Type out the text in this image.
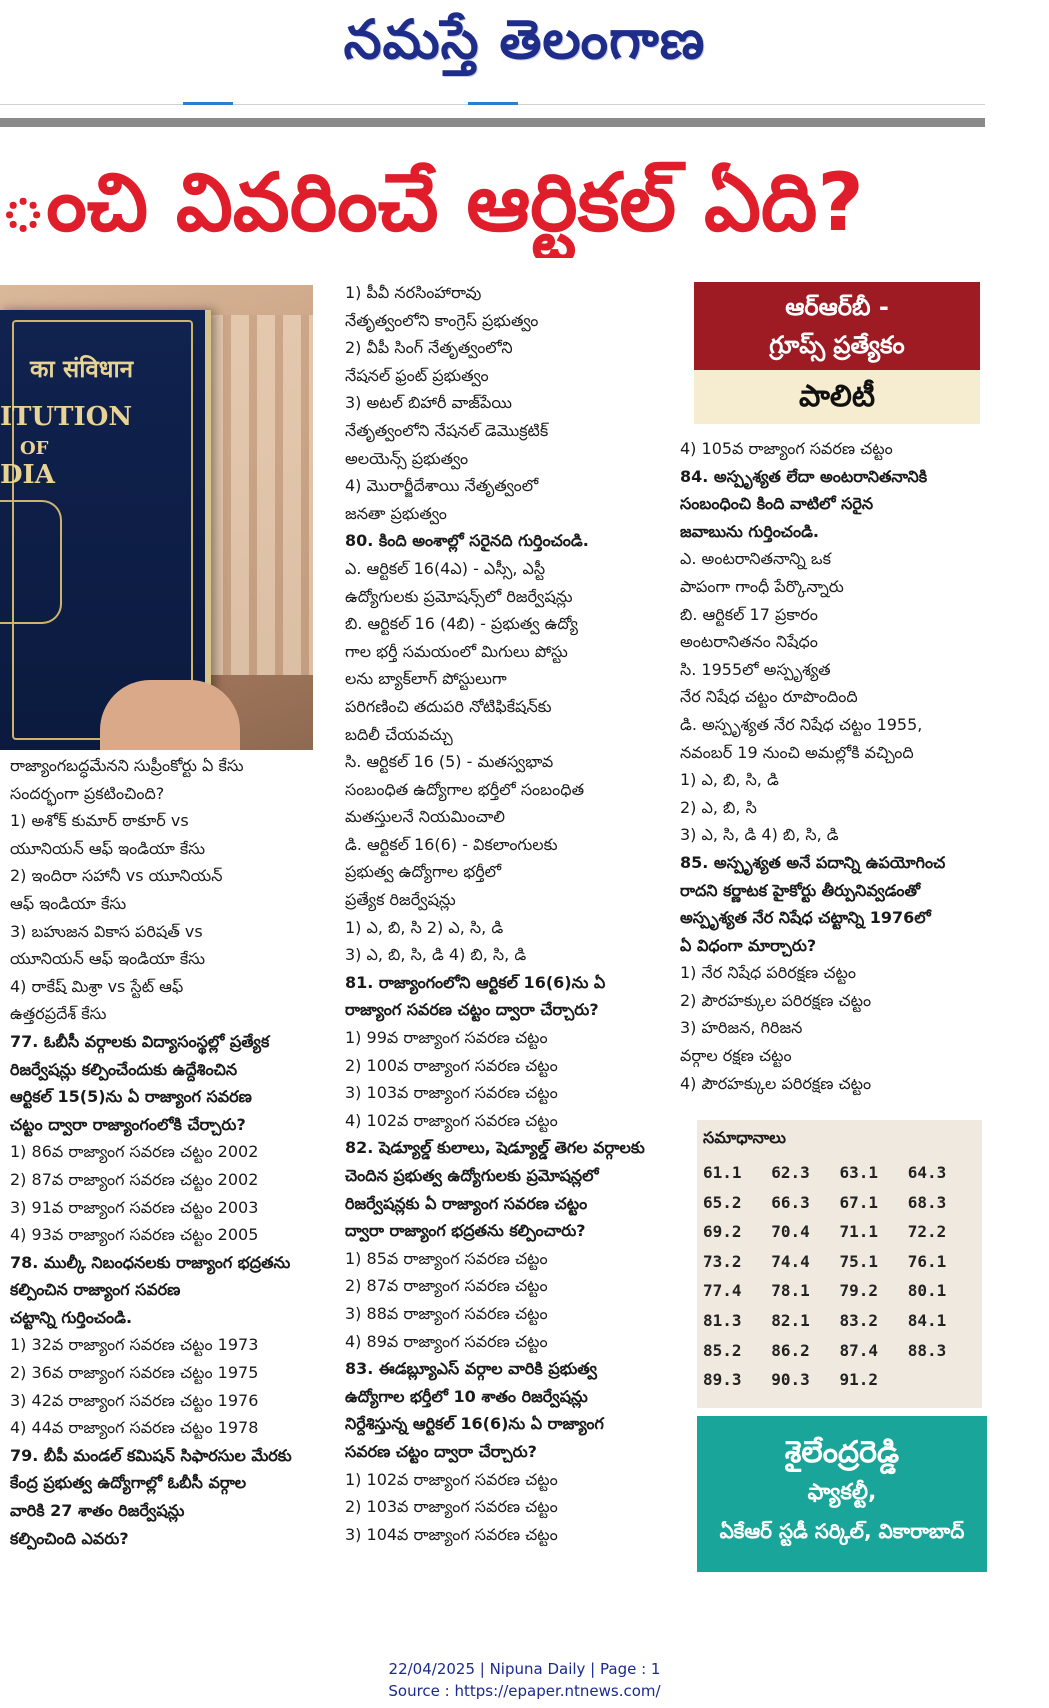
నమస్తే తెలంగాణ
ంచి వివరించే ఆర్టికల్ ఏది?
का संविधान
ITUTION
OF
DIA
రాజ్యాంగబద్ధమేనని సుప్రీంకోర్టు ఏ కేసు
సందర్భంగా ప్రకటించింది?
1) అశోక్ కుమార్ ఠాకూర్ vs
యూనియన్ ఆఫ్ ఇండియా కేసు
2) ఇందిరా సహానీ vs యూనియన్
ఆఫ్ ఇండియా కేసు
3) బహుజన వికాస పరిషత్ vs
యూనియన్ ఆఫ్ ఇండియా కేసు
4) రాకేష్ మిశ్రా vs స్టేట్ ఆఫ్
ఉత్తరప్రదేశ్ కేసు
77. ఓబీసీ వర్గాలకు విద్యాసంస్థల్లో ప్రత్యేక
రిజర్వేషన్లు కల్పించేందుకు ఉద్దేశించిన
ఆర్టికల్ 15(5)ను ఏ రాజ్యాంగ సవరణ
చట్టం ద్వారా రాజ్యాంగంలోకి చేర్చారు?
1) 86వ రాజ్యాంగ సవరణ చట్టం 2002
2) 87వ రాజ్యాంగ సవరణ చట్టం 2002
3) 91వ రాజ్యాంగ సవరణ చట్టం 2003
4) 93వ రాజ్యాంగ సవరణ చట్టం 2005
78. ముల్కీ నిబంధనలకు రాజ్యాంగ భద్రతను
కల్పించిన రాజ్యాంగ సవరణ
చట్టాన్ని గుర్తించండి.
1) 32వ రాజ్యాంగ సవరణ చట్టం 1973
2) 36వ రాజ్యాంగ సవరణ చట్టం 1975
3) 42వ రాజ్యాంగ సవరణ చట్టం 1976
4) 44వ రాజ్యాంగ సవరణ చట్టం 1978
79. బీపీ మండల్ కమిషన్ సిఫారసుల మేరకు
కేంద్ర ప్రభుత్వ ఉద్యోగాల్లో ఓబీసీ వర్గాల
వారికి 27 శాతం రిజర్వేషన్లు
కల్పించింది ఎవరు?
1) పీవీ నరసింహారావు
నేతృత్వంలోని కాంగ్రెస్ ప్రభుత్వం
2) వీపీ సింగ్ నేతృత్వంలోని
నేషనల్ ఫ్రంట్ ప్రభుత్వం
3) అటల్ బిహారీ వాజ్‌పేయి
నేతృత్వంలోని నేషనల్ డెమొక్రటిక్
అలయెన్స్ ప్రభుత్వం
4) మొరార్జీదేశాయి నేతృత్వంలో
జనతా ప్రభుత్వం
80. కింది అంశాల్లో సరైనది గుర్తించండి.
ఎ. ఆర్టికల్ 16(4ఎ) - ఎస్సీ, ఎస్టీ
ఉద్యోగులకు ప్రమోషన్స్‌లో రిజర్వేషన్లు
బి. ఆర్టికల్ 16 (4బి) - ప్రభుత్వ ఉద్యో
గాల భర్తీ సమయంలో మిగులు పోస్టు
లను బ్యాక్‌లాగ్ పోస్టులుగా
పరిగణించి తదుపరి నోటిఫికేషన్‌కు
బదిలీ చేయవచ్చు
సి. ఆర్టికల్ 16 (5) - మతస్వభావ
సంబంధిత ఉద్యోగాల భర్తీలో సంబంధిత
మతస్తులనే నియమించాలి
డి. ఆర్టికల్ 16(6) - వికలాంగులకు
ప్రభుత్వ ఉద్యోగాల భర్తీలో
ప్రత్యేక రిజర్వేషన్లు
1) ఎ, బి, సి 2) ఎ, సి, డి
3) ఎ, బి, సి, డి 4) బి, సి, డి
81. రాజ్యాంగంలోని ఆర్టికల్ 16(6)ను ఏ
రాజ్యాంగ సవరణ చట్టం ద్వారా చేర్చారు?
1) 99వ రాజ్యాంగ సవరణ చట్టం
2) 100వ రాజ్యాంగ సవరణ చట్టం
3) 103వ రాజ్యాంగ సవరణ చట్టం
4) 102వ రాజ్యాంగ సవరణ చట్టం
82. షెడ్యూల్డ్ కులాలు, షెడ్యూల్డ్ తెగల వర్గాలకు
చెందిన ప్రభుత్వ ఉద్యోగులకు ప్రమోషన్లలో
రిజర్వేషన్లకు ఏ రాజ్యాంగ సవరణ చట్టం
ద్వారా రాజ్యాంగ భద్రతను కల్పించారు?
1) 85వ రాజ్యాంగ సవరణ చట్టం
2) 87వ రాజ్యాంగ సవరణ చట్టం
3) 88వ రాజ్యాంగ సవరణ చట్టం
4) 89వ రాజ్యాంగ సవరణ చట్టం
83. ఈడబ్ల్యూఎస్ వర్గాల వారికి ప్రభుత్వ
ఉద్యోగాల భర్తీలో 10 శాతం రిజర్వేషన్లు
నిర్దేశిస్తున్న ఆర్టికల్ 16(6)ను ఏ రాజ్యాంగ
సవరణ చట్టం ద్వారా చేర్చారు?
1) 102వ రాజ్యాంగ సవరణ చట్టం
2) 103వ రాజ్యాంగ సవరణ చట్టం
3) 104వ రాజ్యాంగ సవరణ చట్టం
ఆర్ఆర్‌బీ -
గ్రూప్స్ ప్రత్యేకం
పాలిటీ
4) 105వ రాజ్యాంగ సవరణ చట్టం
84. అస్పృశ్యత లేదా అంటరానితనానికి
సంబంధించి కింది వాటిలో సరైన
జవాబును గుర్తించండి.
ఎ. అంటరానితనాన్ని ఒక
పాపంగా గాంధీ పేర్కొన్నారు
బి. ఆర్టికల్ 17 ప్రకారం
అంటరానితనం నిషేధం
సి. 1955లో అస్పృశ్యత
నేర నిషేధ చట్టం రూపొందింది
డి. అస్పృశ్యత నేర నిషేధ చట్టం 1955,
నవంబర్ 19 నుంచి అమల్లోకి వచ్చింది
1) ఎ, బి, సి, డి
2) ఎ, బి, సి
3) ఎ, సి, డి 4) బి, సి, డి
85. అస్పృశ్యత అనే పదాన్ని ఉపయోగించ
రాదని కర్ణాటక హైకోర్టు తీర్పునివ్వడంతో
అస్పృశ్యత నేర నిషేధ చట్టాన్ని 1976లో
ఏ విధంగా మార్చారు?
1) నేర నిషేధ పరిరక్షణ చట్టం
2) పౌరహక్కుల పరిరక్షణ చట్టం
3) హరిజన, గిరిజన
వర్గాల రక్షణ చట్టం
4) పౌరహక్కుల పరిరక్షణ చట్టం
సమాధానాలు
61.1	62.3	63.1	64.3
65.2	66.3	67.1	68.3
69.2	70.4	71.1	72.2
73.2	74.4	75.1	76.1
77.4	78.1	79.2	80.1
81.3	82.1	83.2	84.1
85.2	86.2	87.4	88.3
89.3	90.3	91.2
శైలేంద్రరెడ్డి
ఫ్యాకల్టీ,
ఏకేఆర్ స్టడీ సర్కిల్, వికారాబాద్
22/04/2025 | Nipuna Daily | Page : 1
Source : https://epaper.ntnews.com/
